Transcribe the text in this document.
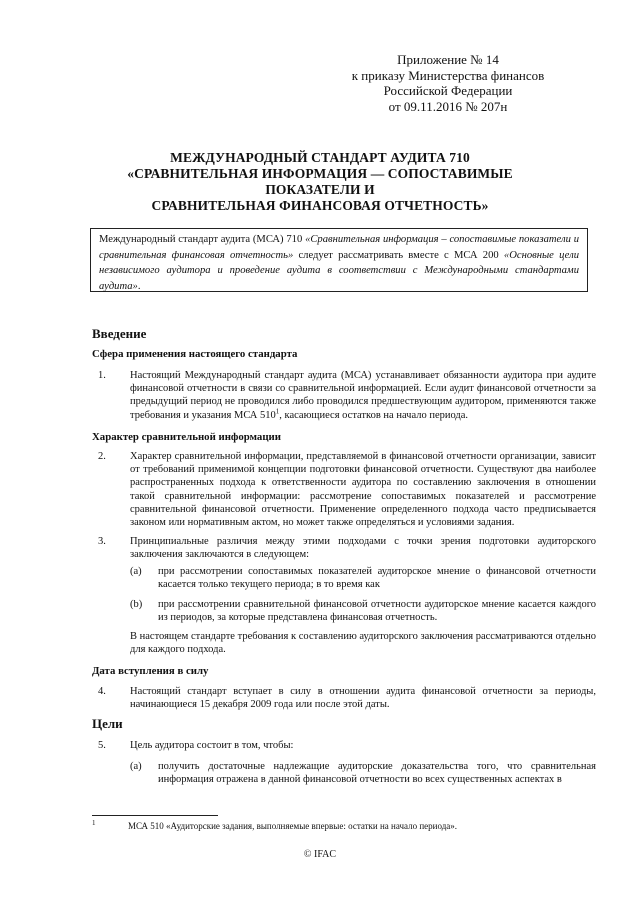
Приложение № 14
к приказу Министерства финансов
Российской Федерации
от 09.11.2016 № 207н
МЕЖДУНАРОДНЫЙ СТАНДАРТ АУДИТА 710
«СРАВНИТЕЛЬНАЯ ИНФОРМАЦИЯ — СОПОСТАВИМЫЕ ПОКАЗАТЕЛИ И
СРАВНИТЕЛЬНАЯ ФИНАНСОВАЯ ОТЧЕТНОСТЬ»
Международный стандарт аудита (МСА) 710 «Сравнительная информация – сопоставимые показатели и сравнительная финансовая отчетность» следует рассматривать вместе с МСА 200 «Основные цели независимого аудитора и проведение аудита в соответствии с Международными стандартами аудита».
Введение
Сфера применения настоящего стандарта
1. Настоящий Международный стандарт аудита (МСА) устанавливает обязанности аудитора при аудите финансовой отчетности в связи со сравнительной информацией. Если аудит финансовой отчетности за предыдущий период не проводился либо проводился предшествующим аудитором, применяются также требования и указания МСА $510^1$, касающиеся остатков на начало периода.
Характер сравнительной информации
2. Характер сравнительной информации, представляемой в финансовой отчетности организации, зависит от требований применимой концепции подготовки финансовой отчетности. Существуют два наиболее распространенных подхода к ответственности аудитора по составлению заключения в отношении такой сравнительной информации: рассмотрение сопоставимых показателей и рассмотрение сравнительной финансовой отчетности. Применение определенного подхода часто предписывается законом или нормативным актом, но может также определяться и условиями задания.
3. Принципиальные различия между этими подходами с точки зрения подготовки аудиторского заключения заключаются в следующем:
(a) при рассмотрении сопоставимых показателей аудиторское мнение о финансовой отчетности касается только текущего периода; в то время как
(b) при рассмотрении сравнительной финансовой отчетности аудиторское мнение касается каждого из периодов, за которые представлена финансовая отчетность.
В настоящем стандарте требования к составлению аудиторского заключения рассматриваются отдельно для каждого подхода.
Дата вступления в силу
4. Настоящий стандарт вступает в силу в отношении аудита финансовой отчетности за периоды, начинающиеся 15 декабря 2009 года или после этой даты.
Цели
5. Цель аудитора состоит в том, чтобы:
(a) получить достаточные надлежащие аудиторские доказательства того, что сравнительная информация отражена в данной финансовой отчетности во всех существенных аспектах в
1	МСА 510 «Аудиторские задания, выполняемые впервые: остатки на начало периода».
© IFAC
